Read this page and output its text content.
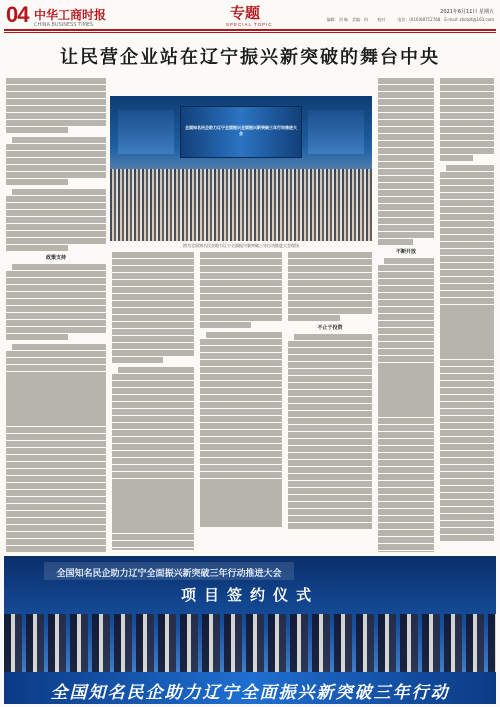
04 中华工商时报
CHINA BUSINESS TIMES
专题
SPECIAL TOPIC
2021年6月11日 星期五
编辑：刘 畅　美编：何 　　校对：　　电话：(010)68712768　E-mail: zhcbzt@163.com
让民营企业站在辽宁振兴新突破的舞台中央
政策支持
全国知名民企助力辽宁全面振兴全面振兴新突破三年行动推进大会
图为全国知名民企助力辽宁全面振兴新突破三年行动推进大会现场
不止于投资
不断开放
全国知名民企助力辽宁全面振兴新突破三年行动推进大会
项目签约仪式
全国知名民企助力辽宁全面振兴新突破三年行动
